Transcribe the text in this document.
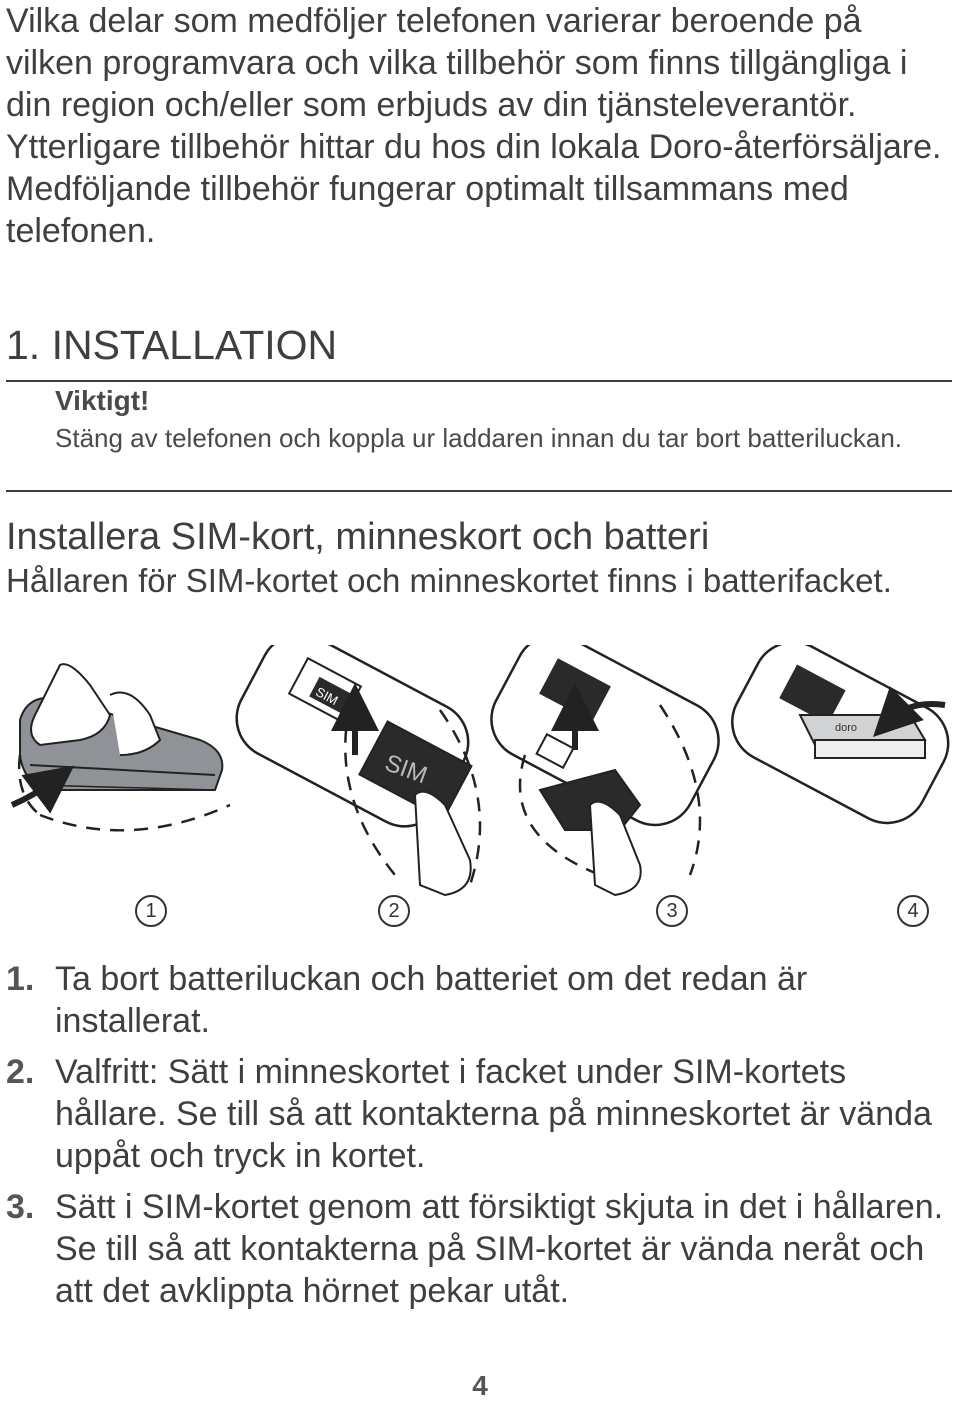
Vilka delar som medföljer telefonen varierar beroende på vilken programvara och vilka tillbehör som finns tillgängliga i din region och/eller som erbjuds av din tjänsteleverantör. Ytterligare tillbehör hittar du hos din lokala Doro-återförsäljare. Medföljande tillbehör fungerar optimalt tillsammans med telefonen.

1. INSTALLATION

Viktigt!

Stäng av telefonen och koppla ur laddaren innan du tar bort batteriluckan.

Installera SIM-kort, minneskort och batteri

Hållaren för SIM-kortet och minneskortet finns i batterifacket.

SIM
SIM
doro
1	2	3	4
1. Ta bort batteriluckan och batteriet om det redan är installerat.
2. Valfritt: Sätt i minneskortet i facket under SIM-kortets hållare. Se till så att kontakterna på minneskortet är vända uppåt och tryck in kortet.
3. Sätt i SIM-kortet genom att försiktigt skjuta in det i hållaren. Se till så att kontakterna på SIM-kortet är vända neråt och att det avklippta hörnet pekar utåt.

4
